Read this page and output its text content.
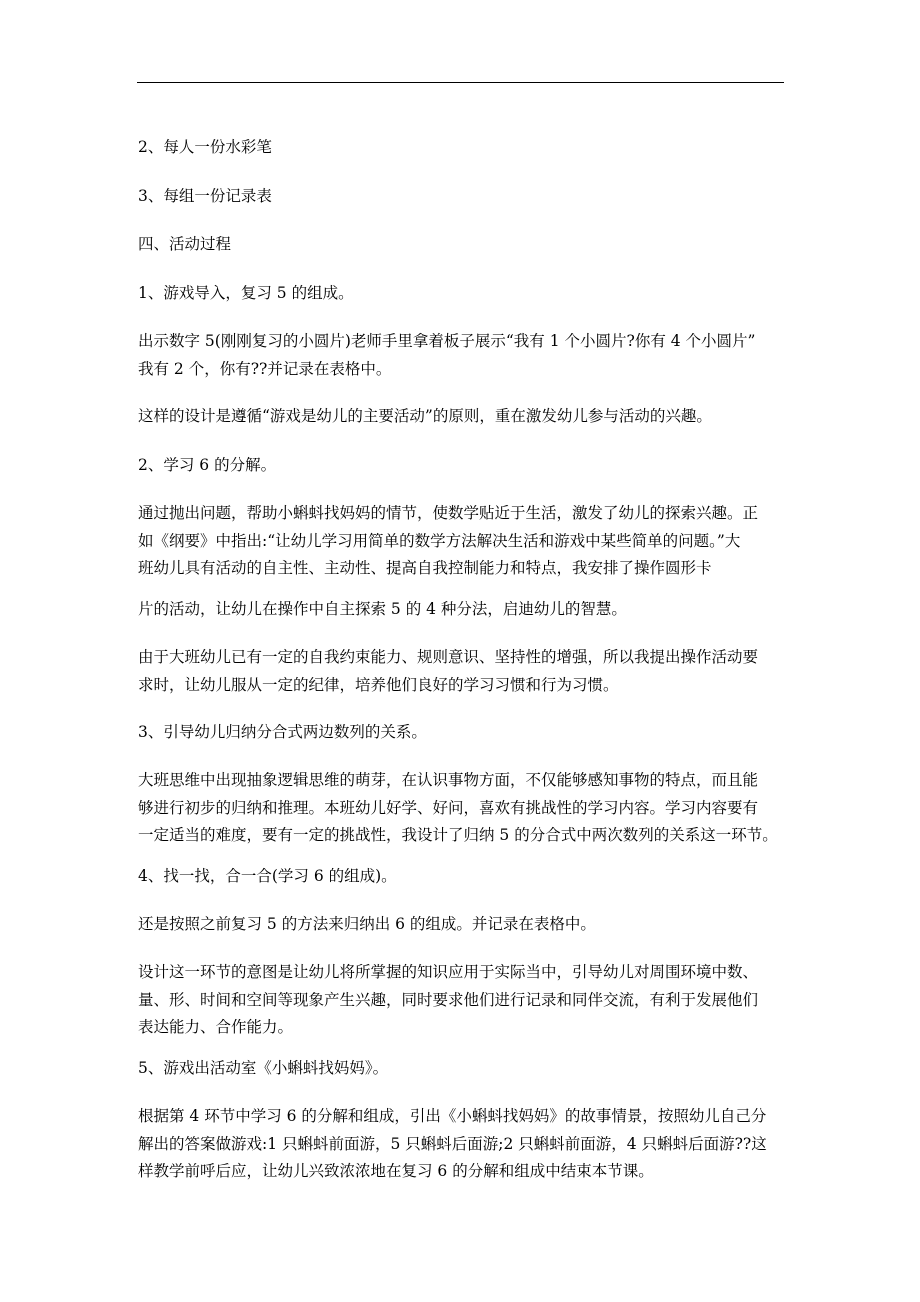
2、每人一份水彩笔
3、每组一份记录表
四、活动过程
1、游戏导入，复习 5 的组成。
出示数字 5(刚刚复习的小圆片)老师手里拿着板子展示“我有 1 个小圆片?你有 4 个小圆片”
我有 2 个，你有??并记录在表格中。
这样的设计是遵循“游戏是幼儿的主要活动”的原则，重在激发幼儿参与活动的兴趣。
2、学习 6 的分解。
通过抛出问题，帮助小蝌蚪找妈妈的情节，使数学贴近于生活，激发了幼儿的探索兴趣。正
如《纲要》中指出:“让幼儿学习用简单的数学方法解决生活和游戏中某些简单的问题。”大
班幼儿具有活动的自主性、主动性、提高自我控制能力和特点，我安排了操作圆形卡
片的活动，让幼儿在操作中自主探索 5 的 4 种分法，启迪幼儿的智慧。
由于大班幼儿已有一定的自我约束能力、规则意识、坚持性的增强，所以我提出操作活动要
求时，让幼儿服从一定的纪律，培养他们良好的学习习惯和行为习惯。
3、引导幼儿归纳分合式两边数列的关系。
大班思维中出现抽象逻辑思维的萌芽，在认识事物方面，不仅能够感知事物的特点，而且能
够进行初步的归纳和推理。本班幼儿好学、好问，喜欢有挑战性的学习内容。学习内容要有
一定适当的难度，要有一定的挑战性，我设计了归纳 5 的分合式中两次数列的关系这一环节。
4、找一找，合一合(学习 6 的组成)。
还是按照之前复习 5 的方法来归纳出 6 的组成。并记录在表格中。
设计这一环节的意图是让幼儿将所掌握的知识应用于实际当中，引导幼儿对周围环境中数、
量、形、时间和空间等现象产生兴趣，同时要求他们进行记录和同伴交流，有利于发展他们
表达能力、合作能力。
5、游戏出活动室《小蝌蚪找妈妈》。
根据第 4 环节中学习 6 的分解和组成，引出《小蝌蚪找妈妈》的故事情景，按照幼儿自己分
解出的答案做游戏:1 只蝌蚪前面游，5 只蝌蚪后面游;2 只蝌蚪前面游，4 只蝌蚪后面游??这
样教学前呼后应，让幼儿兴致浓浓地在复习 6 的分解和组成中结束本节课。
